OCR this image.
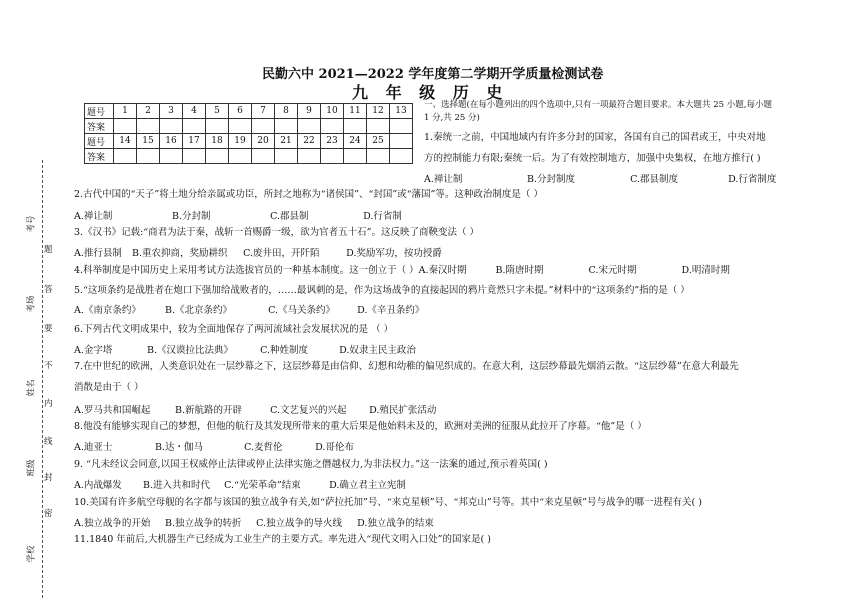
民勤六中 2021—2022 学年度第二学期开学质量检测试卷
九 年 级 历 史
题号	1	2	3	4	5	6	7	8	9	10	11	12	13
答案													
题号	14	15	16	17	18	19	20	21	22	23	24	25	
答案													
一、选择题(在每小题列出的四个选项中,只有一项最符合题目要求。本大题共 25 小题,每小题
1 分,共 25 分)
1.秦统一之前，中国地域内有许多分封的国家，各国有自己的国君或王，中央对地
方的控制能力有限;秦统一后。为了有效控制地方，加强中央集权，在地方推行( )
A.禅让制	B.分封制度	C.郡县制度	D.行省制度
2.古代中国的“天子”将土地分给亲属或功臣，所封之地称为“诸侯国”、“封国”或“藩国”等。这种政治制度是（ ）
A.禅让制	B.分封制	C.郡县制	D.行省制
3.《汉书》记载:“商君为法于秦，战斩一首赐爵一级，欲为官者五十石”。这反映了商鞅变法（ ）
A.推行县制 B.重农抑商，奖励耕织 C.废井田，开阡陌	D.奖励军功，按功授爵
4.科举制度是中国历史上采用考试方法选拔官员的一种基本制度。这一创立于（ ）A.秦汉时期	B.隋唐时期	C.宋元时期	D.明清时期
5.“这项条约是战胜者在炮口下强加给战败者的，……最讽刺的是，作为这场战争的直接起因的鸦片竟然只字未提。”材料中的“这项条约”指的是（ ）
A.《南京条约》	B.《北京条约》	C.《马关条约》 D.《辛丑条约》
6.下列古代文明成果中，较为全面地保存了两河流域社会发展状况的是 （ ）
A.金字塔	B.《汉谟拉比法典》	C.种姓制度	D.奴隶主民主政治
7.在中世纪的欧洲，人类意识处在一层纱幕之下，这层纱幕是由信仰、幻想和幼稚的偏见织成的。在意大利，这层纱幕最先烟消云散。“这层纱幕”在意大利最先
消散是由于（ ）
A.罗马共和国崛起	B.新航路的开辟	C.文艺复兴的兴起 D.殖民扩张活动
8.他没有能够实现自己的梦想，但他的航行及其发现所带来的重大后果是他始料未及的，欧洲对美洲的征服从此拉开了序幕。“他”是（ ）
A.迪亚士	B.达・伽马	C.麦哲伦	D.哥伦布
9. “凡未经议会同意,以国王权威停止法律或停止法律实施之僭越权力,为非法权力。”这一法案的通过,预示着英国( )
A.内战爆发 B.进入共和时代 C.“光荣革命”结束	D.确立君主立宪制
10.美国有许多航空母舰的名字都与该国的独立战争有关,如“萨拉托加”号、“来克星顿”号、“邦克山”号等。其中“来克星顿”号与战争的哪一进程有关( )
A.独立战争的开始 B.独立战争的转折 C.独立战争的导火线 D.独立战争的结束
11.1840 年前后,大机器生产已经成为工业生产的主要方式。率先进入“现代文明入口处”的国家是( )
考号
考场
姓名
班级
学校
题
答
要
不
内
线
封
密
